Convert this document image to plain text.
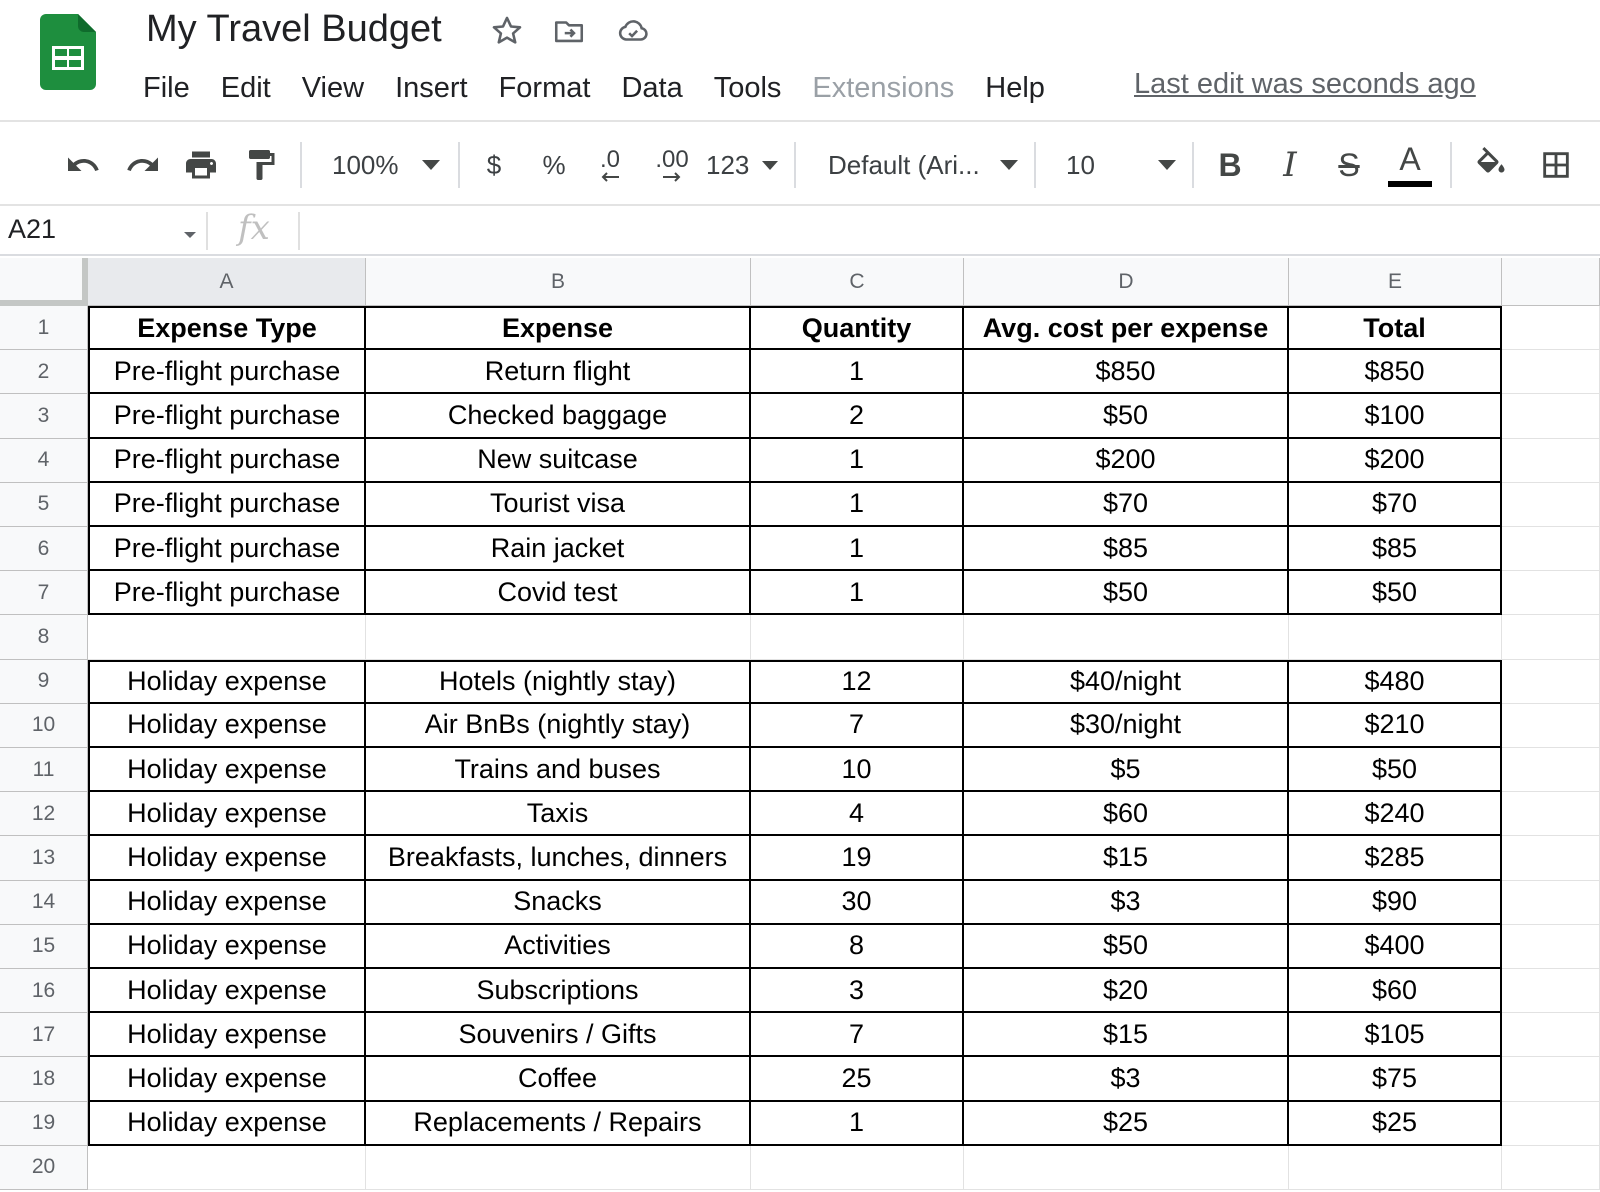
My Travel Budget
File Edit View Insert Format Data Tools Extensions Help	Last edit was seconds ago
100%	$ % .0 .00 123	Default (Ari...	10	B I S A
A21	fx
A	B	C	D	E
1	Expense Type	Expense	Quantity	Avg. cost per expense	Total
2	Pre-flight purchase	Return flight	1	$850	$850
3	Pre-flight purchase	Checked baggage	2	$50	$100
4	Pre-flight purchase	New suitcase	1	$200	$200
5	Pre-flight purchase	Tourist visa	1	$70	$70
6	Pre-flight purchase	Rain jacket	1	$85	$85
7	Pre-flight purchase	Covid test	1	$50	$50
8
9	Holiday expense	Hotels (nightly stay)	12	$40/night	$480
10	Holiday expense	Air BnBs (nightly stay)	7	$30/night	$210
11	Holiday expense	Trains and buses	10	$5	$50
12	Holiday expense	Taxis	4	$60	$240
13	Holiday expense	Breakfasts, lunches, dinners	19	$15	$285
14	Holiday expense	Snacks	30	$3	$90
15	Holiday expense	Activities	8	$50	$400
16	Holiday expense	Subscriptions	3	$20	$60
17	Holiday expense	Souvenirs / Gifts	7	$15	$105
18	Holiday expense	Coffee	25	$3	$75
19	Holiday expense	Replacements / Repairs	1	$25	$25
20
